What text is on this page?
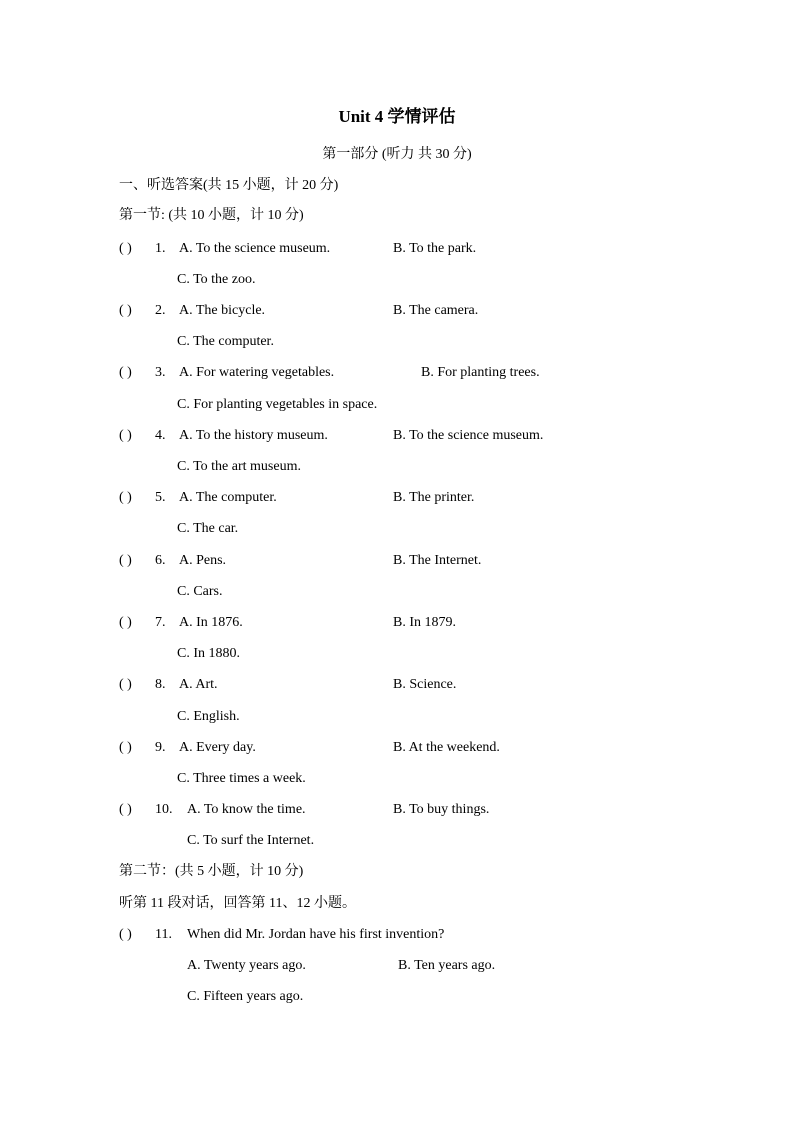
Unit 4 学情评估
第一部分 (听力 共 30 分)
一、听选答案(共 15 小题，计 20 分)
第一节: (共 10 小题，计 10 分)
( ) 1. A. To the science museum.	B. To the park.
C. To the zoo.
( ) 2. A. The bicycle.	B. The camera.
C. The computer.
( ) 3. A. For watering vegetables.	B. For planting trees.
C. For planting vegetables in space.
( ) 4. A. To the history museum.	B. To the science museum.
C. To the art museum.
( ) 5. A. The computer.	B. The printer.
C. The car.
( ) 6. A. Pens.	B. The Internet.
C. Cars.
( ) 7. A. In 1876.	B. In 1879.
C. In 1880.
( ) 8. A. Art.	B. Science.
C. English.
( ) 9. A. Every day.	B. At the weekend.
C. Three times a week.
( ) 10. A. To know the time.	B. To buy things.
C. To surf the Internet.
第二节：(共 5 小题，计 10 分)
听第 11 段对话，回答第 11、12 小题。
( ) 11. When did Mr. Jordan have his first invention?
A. Twenty years ago.	B. Ten years ago.
C. Fifteen years ago.
